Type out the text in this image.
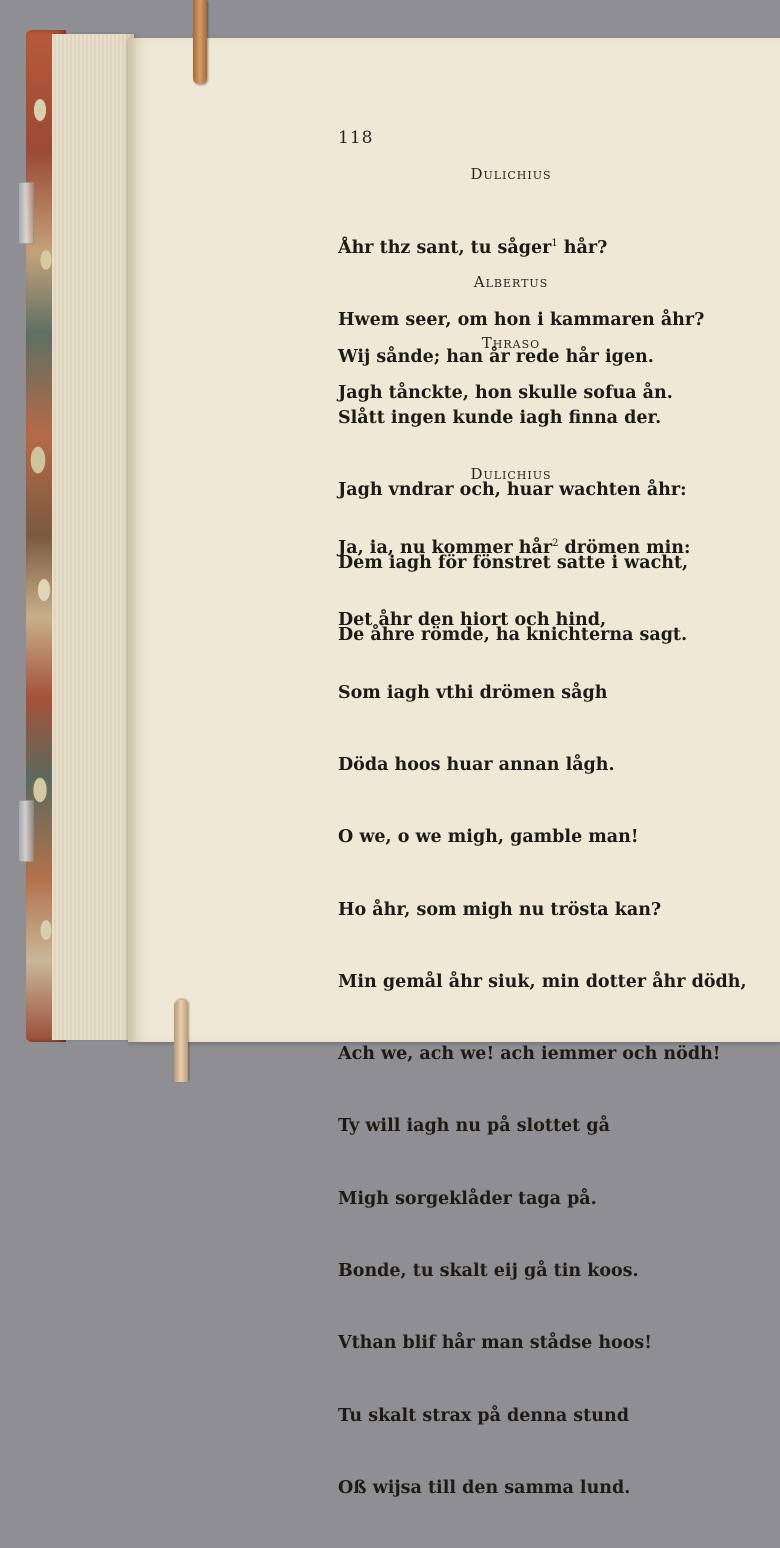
118
Dulichius

Åhr thz sant, tu såger$^1$ hår?

Hwem seer, om hon i kammaren åhr?

Jagh tånckte, hon skulle sofua ån.

Albertus

Wij sånde; han år rede hår igen.

Thraso

Slått ingen kunde iagh finna der.

Jagh vndrar och, huar wachten åhr:

Dem iagh för fönstret satte i wacht,

De åhre römde, ha knichterna sagt.

Dulichius

Ja, ia, nu kommer hår$^2$ drömen min:

Det åhr den hiort och hind,

Som iagh vthi drömen sågh

Döda hoos huar annan lågh.

O we, o we migh, gamble man!

Ho åhr, som migh nu trösta kan?

Min gemål åhr siuk, min dotter åhr dödh,

Ach we, ach we! ach iemmer och nödh!

Ty will iagh nu på slottet gå

Migh sorgeklåder taga på.

Bonde, tu skalt eij gå tin koos.

Vthan blif hår man stådse hoos!

Tu skalt strax på denna stund

Oß wijsa till den samma lund.
